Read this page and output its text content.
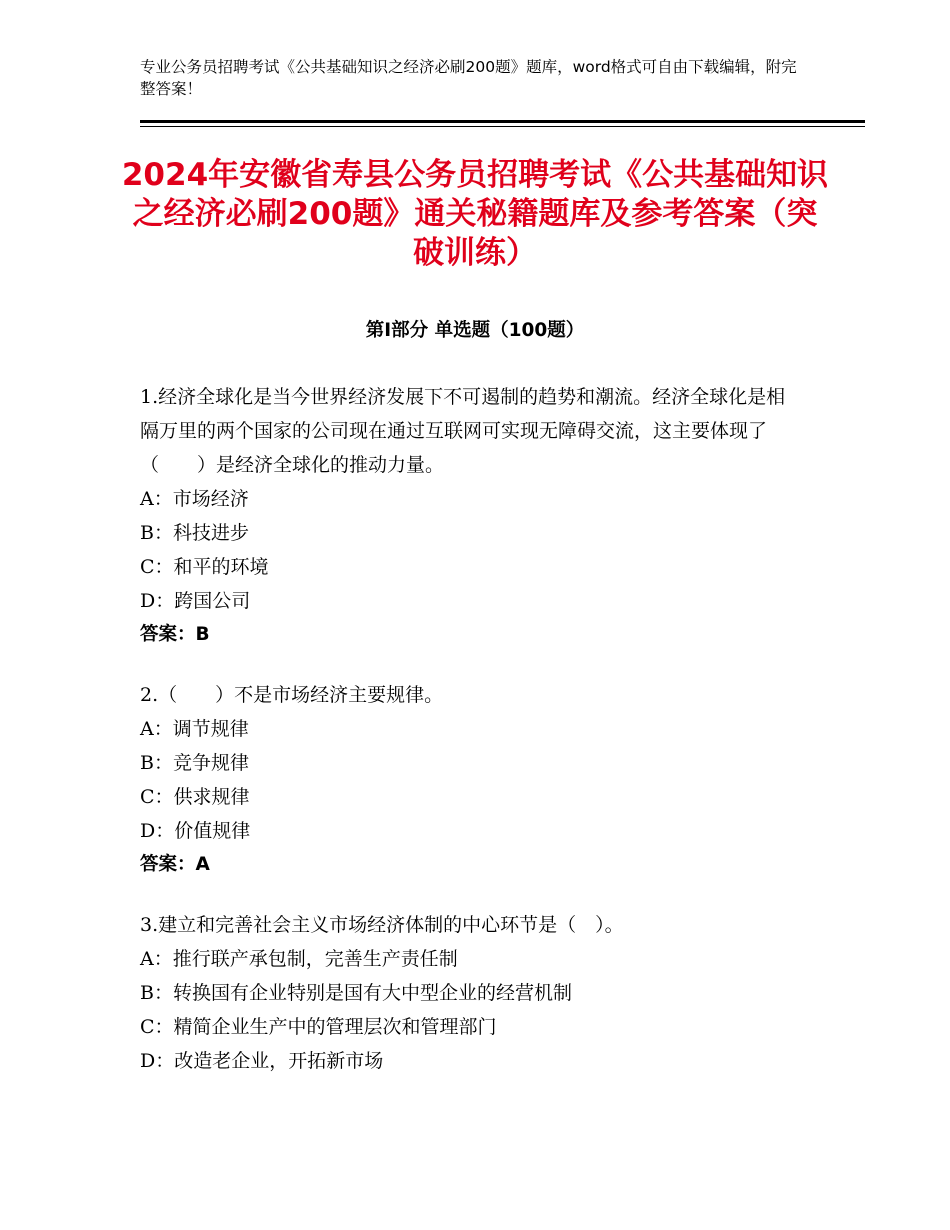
专业公务员招聘考试《公共基础知识之经济必刷200题》题库，word格式可自由下载编辑，附完整答案！
2024年安徽省寿县公务员招聘考试《公共基础知识之经济必刷200题》通关秘籍题库及参考答案（突破训练）
第Ⅰ部分 单选题（100题）
1.经济全球化是当今世界经济发展下不可遏制的趋势和潮流。经济全球化是相隔万里的两个国家的公司现在通过互联网可实现无障碍交流，这主要体现了（　　）是经济全球化的推动力量。
A：市场经济
B：科技进步
C：和平的环境
D：跨国公司
答案：B
2.（　　）不是市场经济主要规律。
A：调节规律
B：竞争规律
C：供求规律
D：价值规律
答案：A
3.建立和完善社会主义市场经济体制的中心环节是（　）。
A：推行联产承包制，完善生产责任制
B：转换国有企业特别是国有大中型企业的经营机制
C：精简企业生产中的管理层次和管理部门
D：改造老企业，开拓新市场
